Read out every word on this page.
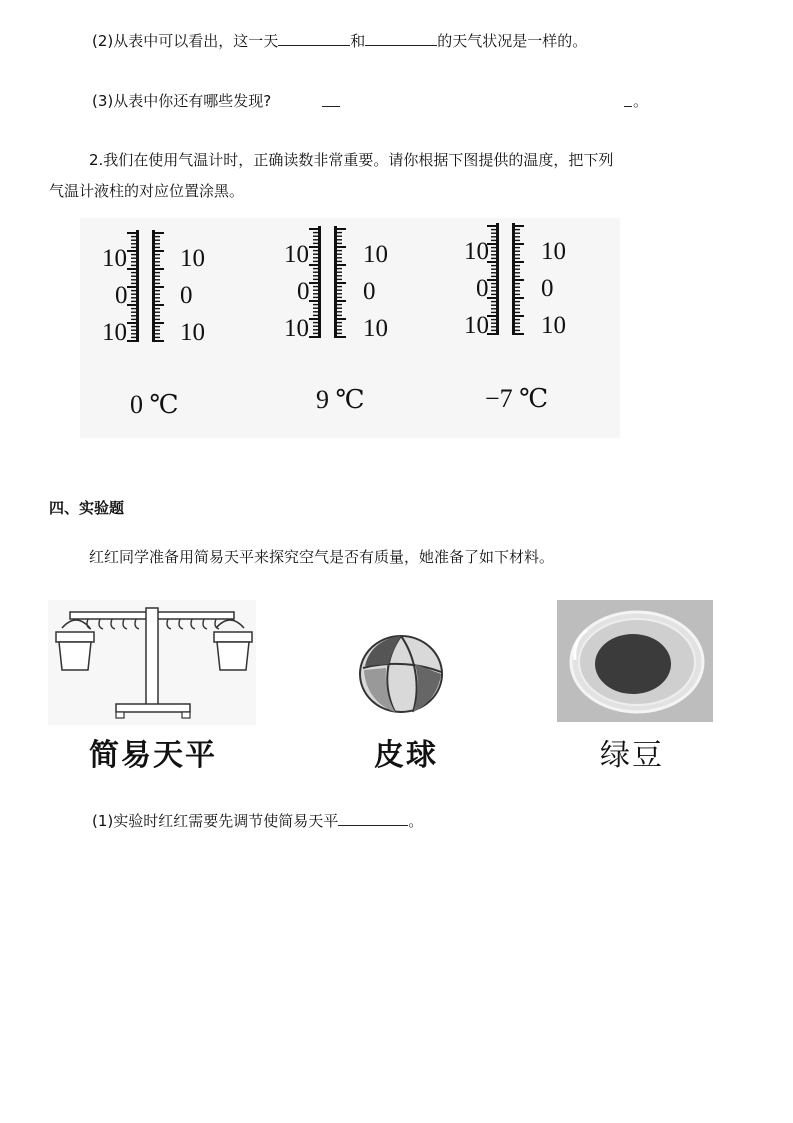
(2)从表中可以看出，这一天	和	的天气状况是一样的。
(3)从表中你还有哪些发现?	。
2.我们在使用气温计时，正确读数非常重要。请你根据下图提供的温度，把下列
气温计液柱的对应位置涂黑。
10
0
10
10
0
10
0 ℃
10
0
10
10
0
10
9 ℃
10
0
10
10
0
10
−7 ℃
四、实验题
红红同学准备用简易天平来探究空气是否有质量，她准备了如下材料。
简易天平	皮球	绿豆
(1)实验时红红需要先调节使简易天平	。
